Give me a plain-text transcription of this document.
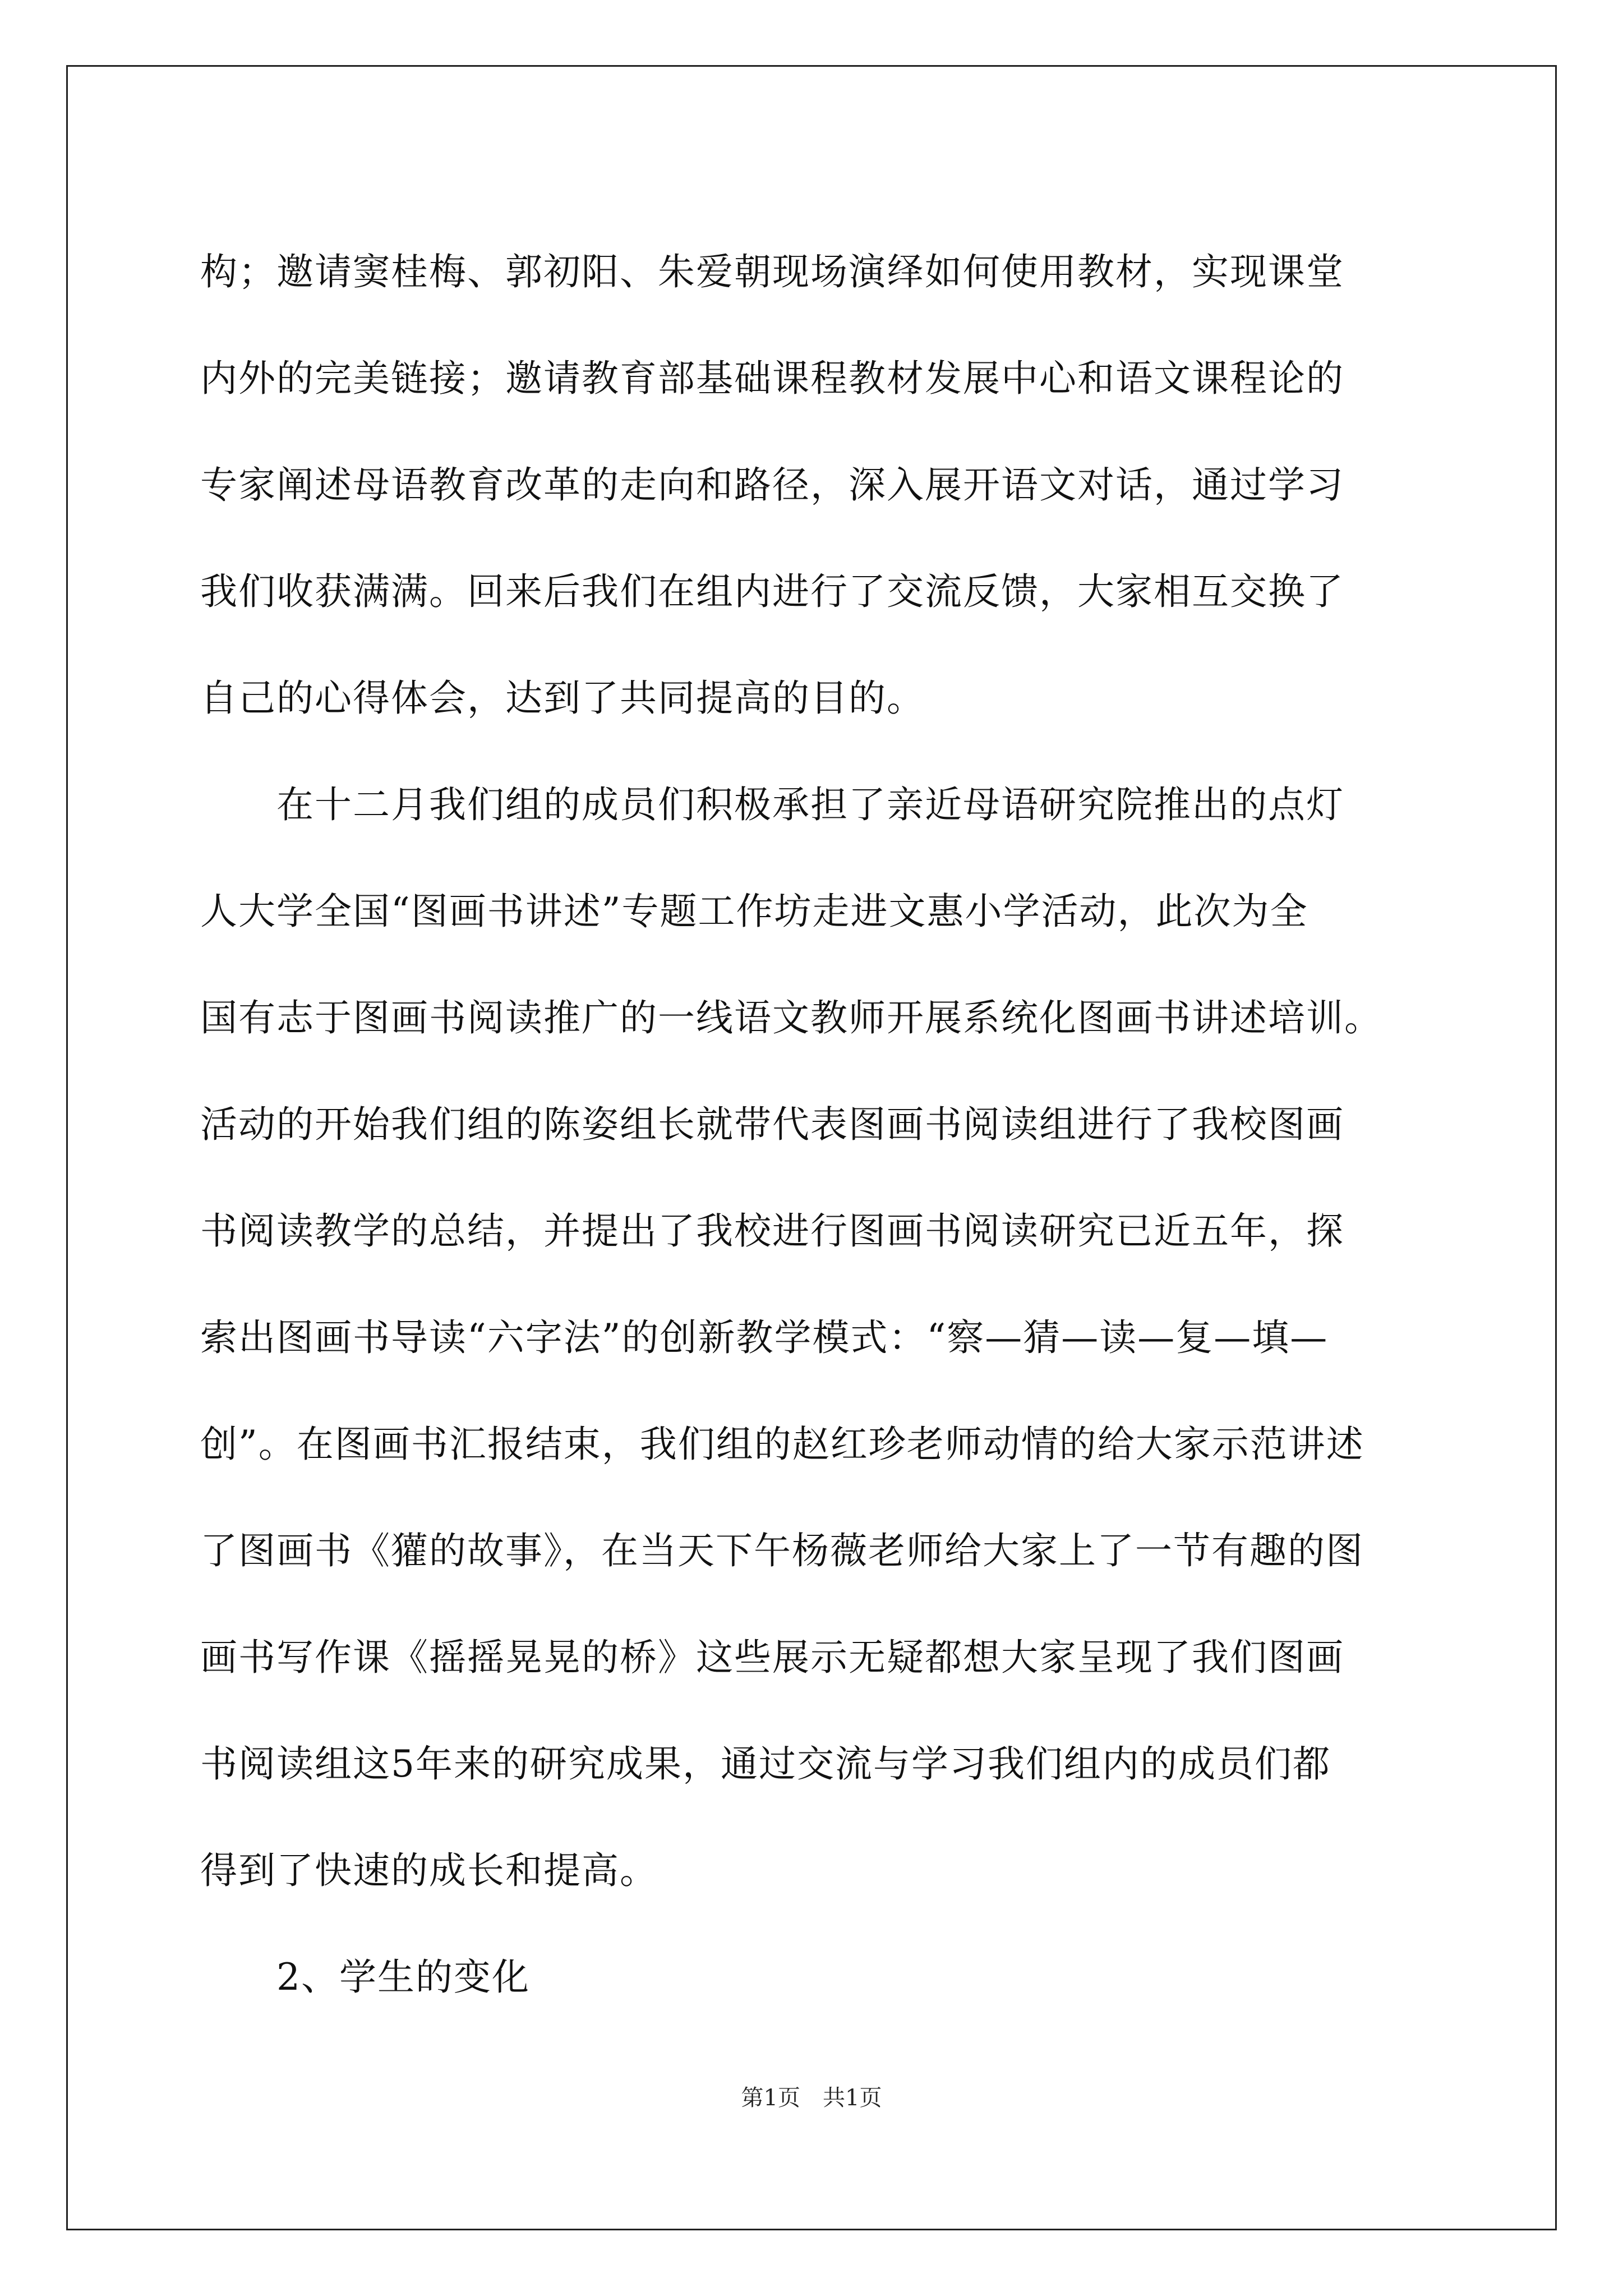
构；邀请窦桂梅、郭初阳、朱爱朝现场演绎如何使用教材，实现课堂
内外的完美链接；邀请教育部基础课程教材发展中心和语文课程论的
专家阐述母语教育改革的走向和路径，深入展开语文对话，通过学习
我们收获满满。回来后我们在组内进行了交流反馈，大家相互交换了
自己的心得体会，达到了共同提高的目的。
在十二月我们组的成员们积极承担了亲近母语研究院推出的点灯
人大学全国“图画书讲述”专题工作坊走进文惠小学活动，此次为全
国有志于图画书阅读推广的一线语文教师开展系统化图画书讲述培训。
活动的开始我们组的陈姿组长就带代表图画书阅读组进行了我校图画
书阅读教学的总结，并提出了我校进行图画书阅读研究已近五年，探
索出图画书导读“六字法”的创新教学模式：“察—猜—读—复—填—
创”。在图画书汇报结束，我们组的赵红珍老师动情的给大家示范讲述
了图画书《獾的故事》，在当天下午杨薇老师给大家上了一节有趣的图
画书写作课《摇摇晃晃的桥》这些展示无疑都想大家呈现了我们图画
书阅读组这5年来的研究成果，通过交流与学习我们组内的成员们都
得到了快速的成长和提高。
2、学生的变化
第1页　共1页
